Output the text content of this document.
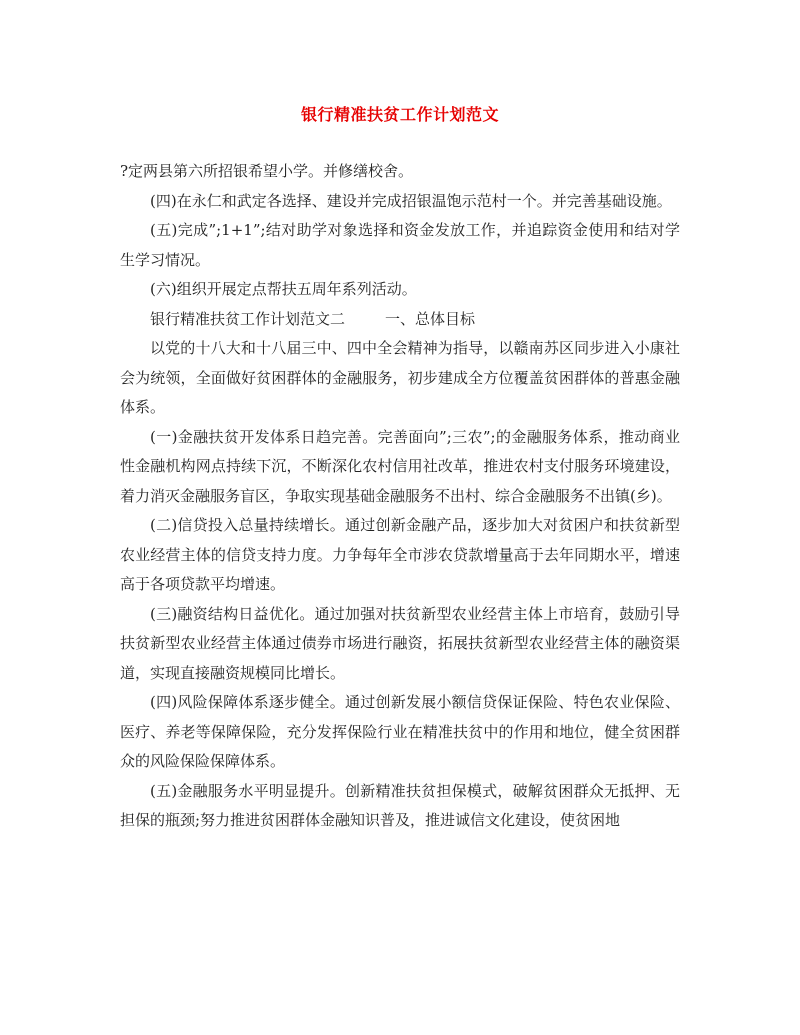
银行精准扶贫工作计划范文

?定两县第六所招银希望小学。并修缮校舍。

(四)在永仁和武定各选择、建设并完成招银温饱示范村一个。并完善基础设施。

(五)完成”;1+1”;结对助学对象选择和资金发放工作，并追踪资金使用和结对学生学习情况。

(六)组织开展定点帮扶五周年系列活动。

银行精准扶贫工作计划范文二	一、总体目标

以党的十八大和十八届三中、四中全会精神为指导，以赣南苏区同步进入小康社会为统领，全面做好贫困群体的金融服务，初步建成全方位覆盖贫困群体的普惠金融体系。

(一)金融扶贫开发体系日趋完善。完善面向”;三农”;的金融服务体系，推动商业性金融机构网点持续下沉，不断深化农村信用社改革，推进农村支付服务环境建设，着力消灭金融服务盲区，争取实现基础金融服务不出村、综合金融服务不出镇(乡)。

(二)信贷投入总量持续增长。通过创新金融产品，逐步加大对贫困户和扶贫新型农业经营主体的信贷支持力度。力争每年全市涉农贷款增量高于去年同期水平，增速高于各项贷款平均增速。

(三)融资结构日益优化。通过加强对扶贫新型农业经营主体上市培育，鼓励引导扶贫新型农业经营主体通过债券市场进行融资，拓展扶贫新型农业经营主体的融资渠道，实现直接融资规模同比增长。

(四)风险保障体系逐步健全。通过创新发展小额信贷保证保险、特色农业保险、医疗、养老等保障保险，充分发挥保险行业在精准扶贫中的作用和地位，健全贫困群众的风险保险保障体系。

(五)金融服务水平明显提升。创新精准扶贫担保模式，破解贫困群众无抵押、无担保的瓶颈;努力推进贫困群体金融知识普及，推进诚信文化建设，使贫困地
